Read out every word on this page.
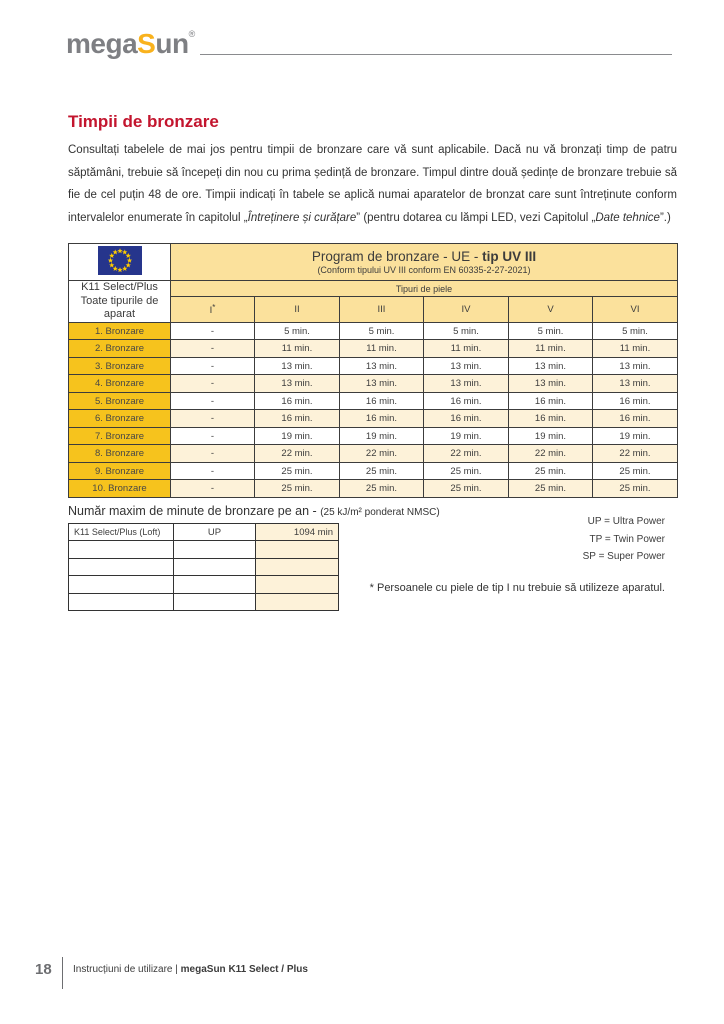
megaSun®
Timpii de bronzare

Consultați tabelele de mai jos pentru timpii de bronzare care vă sunt aplicabile. Dacă nu vă bronzați timp de patru săptămâni, trebuie să începeți din nou cu prima ședință de bronzare. Timpul dintre două ședințe de bronzare trebuie să fie de cel puțin 48 de ore. Timpii indicați în tabele se aplică numai aparatelor de bronzat care sunt întreținute conform intervalelor enumerate în capitolul „Întreținere și curățare” (pentru dotarea cu lămpi LED, vezi Capitolul „Date tehnice”.)

Program de bronzare - UE - tip UV III
(Conform tipului UV III conform EN 60335-2-27-2021)					

K11 Select/Plus
Toate tipurile de aparat	Tipuri de piele					
	I*	II	III	IV	V	VI
1. Bronzare	-	5 min.	5 min.	5 min.	5 min.	5 min.
2. Bronzare	-	11 min.	11 min.	11 min.	11 min.	11 min.
3. Bronzare	-	13 min.	13 min.	13 min.	13 min.	13 min.
4. Bronzare	-	13 min.	13 min.	13 min.	13 min.	13 min.
5. Bronzare	-	16 min.	16 min.	16 min.	16 min.	16 min.
6. Bronzare	-	16 min.	16 min.	16 min.	16 min.	16 min.
7. Bronzare	-	19 min.	19 min.	19 min.	19 min.	19 min.
8. Bronzare	-	22 min.	22 min.	22 min.	22 min.	22 min.
9. Bronzare	-	25 min.	25 min.	25 min.	25 min.	25 min.
10. Bronzare	-	25 min.	25 min.	25 min.	25 min.	25 min.
Număr maxim de minute de bronzare pe an - (25 kJ/m² ponderat NMSC)
K11 Select/Plus (Loft)	UP	1094 min

UP = Ultra Power
TP = Twin Power
SP = Super Power
* Persoanele cu piele de tip I nu trebuie să utilizeze aparatul.
18 Instrucțiuni de utilizare | megaSun K11 Select / Plus
